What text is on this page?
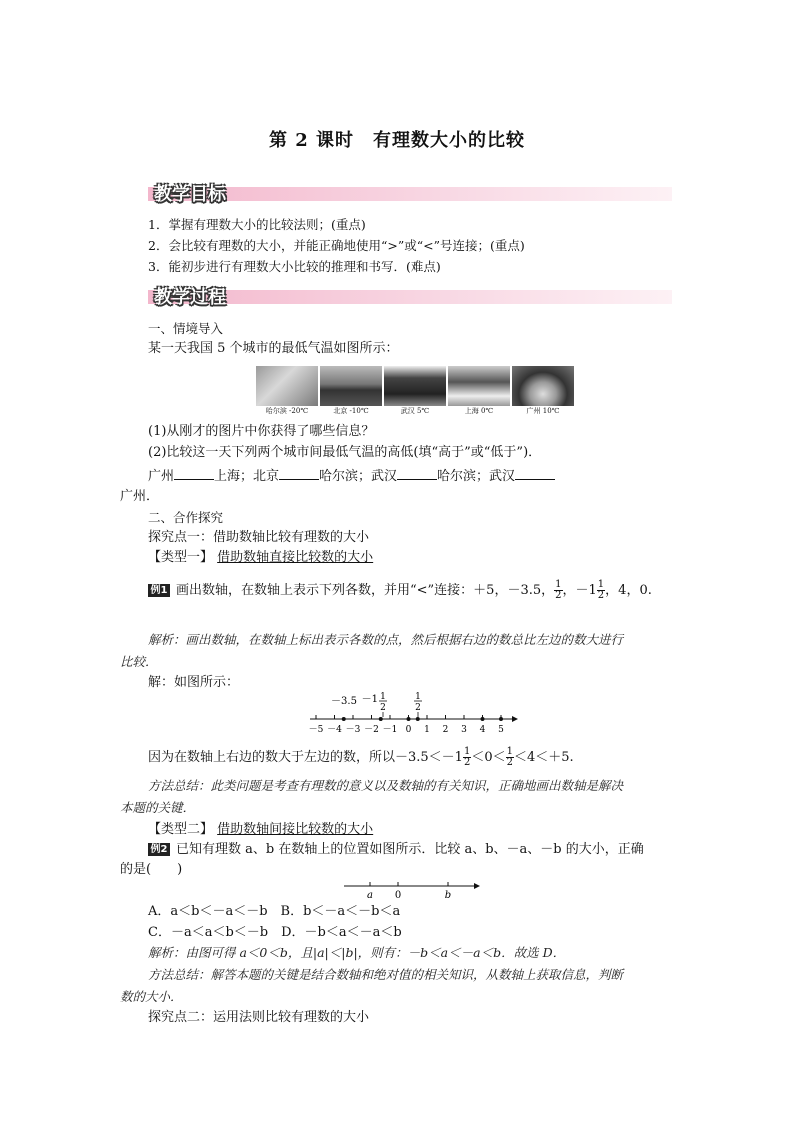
第 2 课时　有理数大小的比较
教学目标
1．掌握有理数大小的比较法则；(重点)
2．会比较有理数的大小，并能正确地使用“>”或“<”号连接；(重点)
3．能初步进行有理数大小比较的推理和书写．(难点)
教学过程
一、情境导入
某一天我国 5 个城市的最低气温如图所示：
哈尔滨 -20℃	北京 -10℃	武汉 5℃	上海 0℃	广州 10℃
(1)从刚才的图片中你获得了哪些信息？
(2)比较这一天下列两个城市间最低气温的高低(填“高于”或“低于”)．
广州	上海；北京	哈尔滨；武汉	哈尔滨；武汉
广州．
二、合作探究
探究点一：借助数轴比较有理数的大小
【类型一】 借助数轴直接比较数的大小
例1 画出数轴，在数轴上表示下列各数，并用“<”连接：＋5，－3.5， $\frac{1}{2}$ ，$-1 \frac{1}{2}$ ，4，0.
解析：画出数轴，在数轴上标出表示各数的点，然后根据右边的数总比左边的数大进行
比较．
解：如图所示：
－5 －4 －3 －2 －1 0 1 2 3 4 5
－3.5 －1 1
2
1
2
因为在数轴上右边的数大于左边的数，所以$-3.5<-1 \frac{1}{2} <0< \frac{1}{2} <4<+5$.
方法总结：此类问题是考查有理数的意义以及数轴的有关知识，正确地画出数轴是解决
本题的关键．
【类型二】 借助数轴间接比较数的大小
例2 已知有理数 a、b 在数轴上的位置如图所示．比较 a、b、－a、－b 的大小，正确
的是(　　)
a 0	b
A．a＜b＜－a＜－b　B．b＜－a＜－b＜a
C．－a＜a＜b＜－b　D．－b＜a＜－a＜b
解析：由图可得 a＜0＜b，且|a|＜|b|，则有：－b＜a＜－a＜b．故选 D．
方法总结：解答本题的关键是结合数轴和绝对值的相关知识，从数轴上获取信息，判断
数的大小．
探究点二：运用法则比较有理数的大小
